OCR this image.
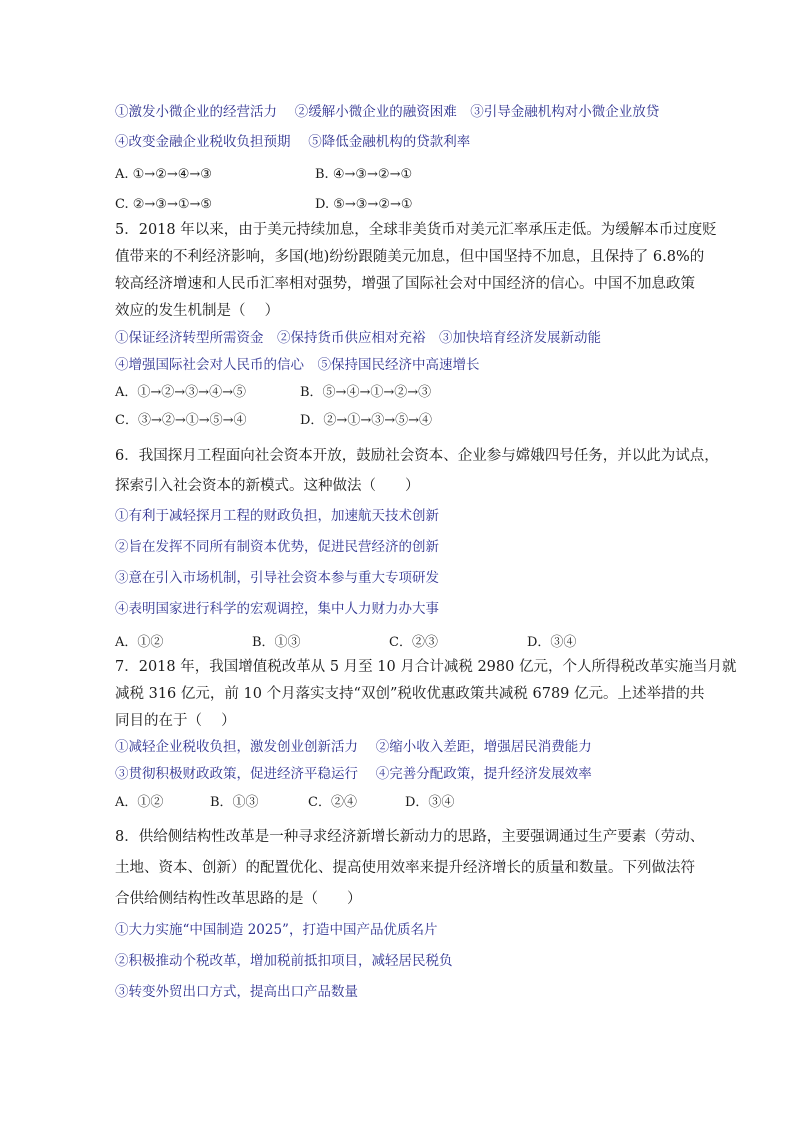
①激发小微企业的经营活力　 ②缓解小微企业的融资困难　③引导金融机构对小微企业放贷
④改变金融企业税收负担预期　 ⑤降低金融机构的贷款利率
A. ①→②→④→③	B. ④→③→②→①
C. ②→③→①→⑤	D. ⑤→③→②→①
5．2018 年以来，由于美元持续加息，全球非美货币对美元汇率承压走低。为缓解本币过度贬
值带来的不利经济影响，多国(地)纷纷跟随美元加息，但中国坚持不加息，且保持了 6.8%的
较高经济增速和人民币汇率相对强势，增强了国际社会对中国经济的信心。中国不加息政策
效应的发生机制是（　 ）
①保证经济转型所需资金　②保持货币供应相对充裕　③加快培育经济发展新动能
④增强国际社会对人民币的信心　⑤保持国民经济中高速增长
A．①→②→③→④→⑤	B．⑤→④→①→②→③
C．③→②→①→⑤→④	D．②→①→③→⑤→④
6．我国探月工程面向社会资本开放，鼓励社会资本、企业参与嫦娥四号任务，并以此为试点，
探索引入社会资本的新模式。这种做法（　　）
①有利于减轻探月工程的财政负担，加速航天技术创新
②旨在发挥不同所有制资本优势，促进民营经济的创新
③意在引入市场机制，引导社会资本参与重大专项研发
④表明国家进行科学的宏观调控，集中人力财力办大事
A．①②	B．①③	C．②③	D．③④
7．2018 年，我国增值税改革从 5 月至 10 月合计减税 2980 亿元，个人所得税改革实施当月就
减税 316 亿元，前 10 个月落实支持“双创”税收优惠政策共减税 6789 亿元。上述举措的共
同目的在于（　 ）
①减轻企业税收负担，激发创业创新活力　 ②缩小收入差距，增强居民消费能力
③贯彻积极财政政策，促进经济平稳运行　 ④完善分配政策，提升经济发展效率
A．①②	B．①③	C．②④	D．③④
8．供给侧结构性改革是一种寻求经济新增长新动力的思路，主要强调通过生产要素（劳动、
土地、资本、创新）的配置优化、提高使用效率来提升经济增长的质量和数量。下列做法符
合供给侧结构性改革思路的是（　　）
①大力实施“中国制造 2025”，打造中国产品优质名片
②积极推动个税改革，增加税前抵扣项目，减轻居民税负
③转变外贸出口方式，提高出口产品数量
